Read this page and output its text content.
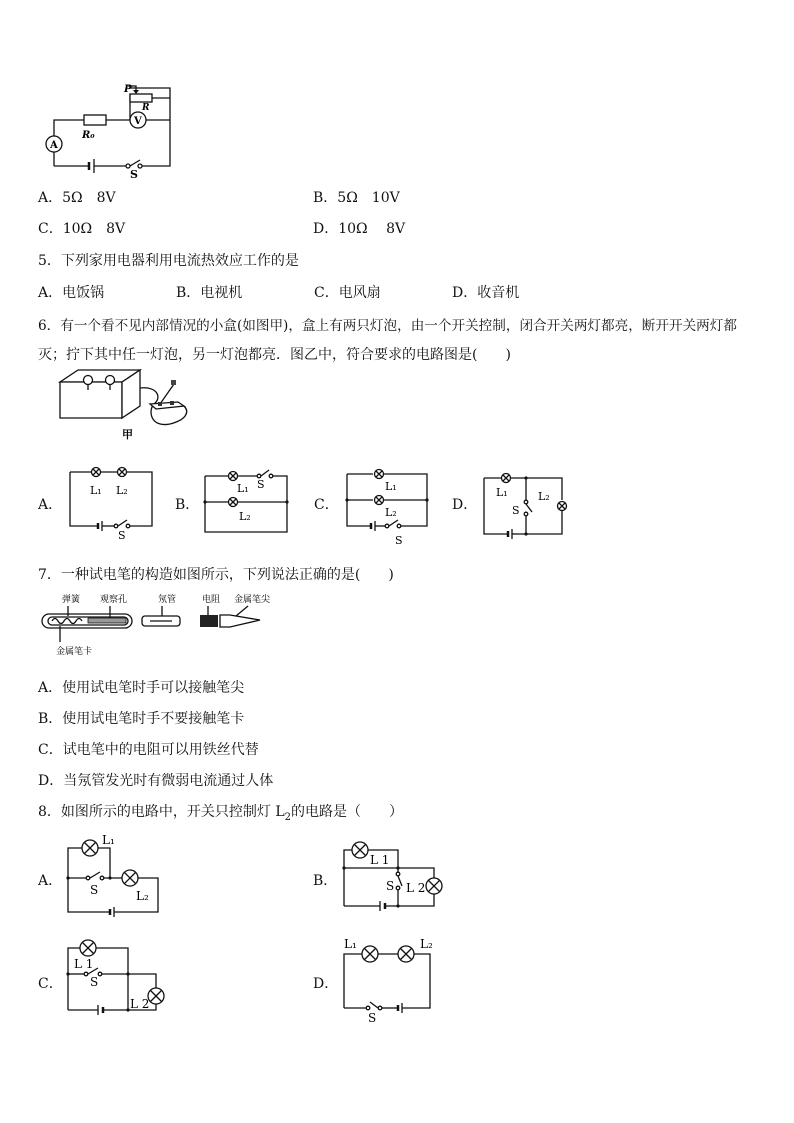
S
A
R₀
V
P
R
A．5Ω　8V	B．5Ω　10V
C．10Ω　8V	D．10Ω　 8V
5．下列家用电器利用电流热效应工作的是
A．电饭锅	B．电视机	C．电风扇	D．收音机
6．有一个看不见内部情况的小盒(如图甲)，盒上有两只灯泡，由一个开关控制，闭合开关两灯都亮，断开开关两灯都
灭；拧下其中任一灯泡，另一灯泡都亮．图乙中，符合要求的电路图是(　　)
甲
A．
L₁ L₂
S
B．
L₁ S
L₂
C．
L₁
L₂
S
D．
L₁	L₂
S
7．一种试电笔的构造如图所示，下列说法正确的是(　　)
弹簧 观察孔	氖管	电阻 金属笔尖
金属笔卡
A．使用试电笔时手可以接触笔尖
B．使用试电笔时手不要接触笔卡
C．试电笔中的电阻可以用铁丝代替
D．当氖管发光时有微弱电流通过人体
8．如图所示的电路中，开关只控制灯 $L_2$的电路是（　　）
A．
L₁
S	L₂
B．
L 1
S L 2
C．
L 1
S
L 2
D．
L₁	L₂
S
